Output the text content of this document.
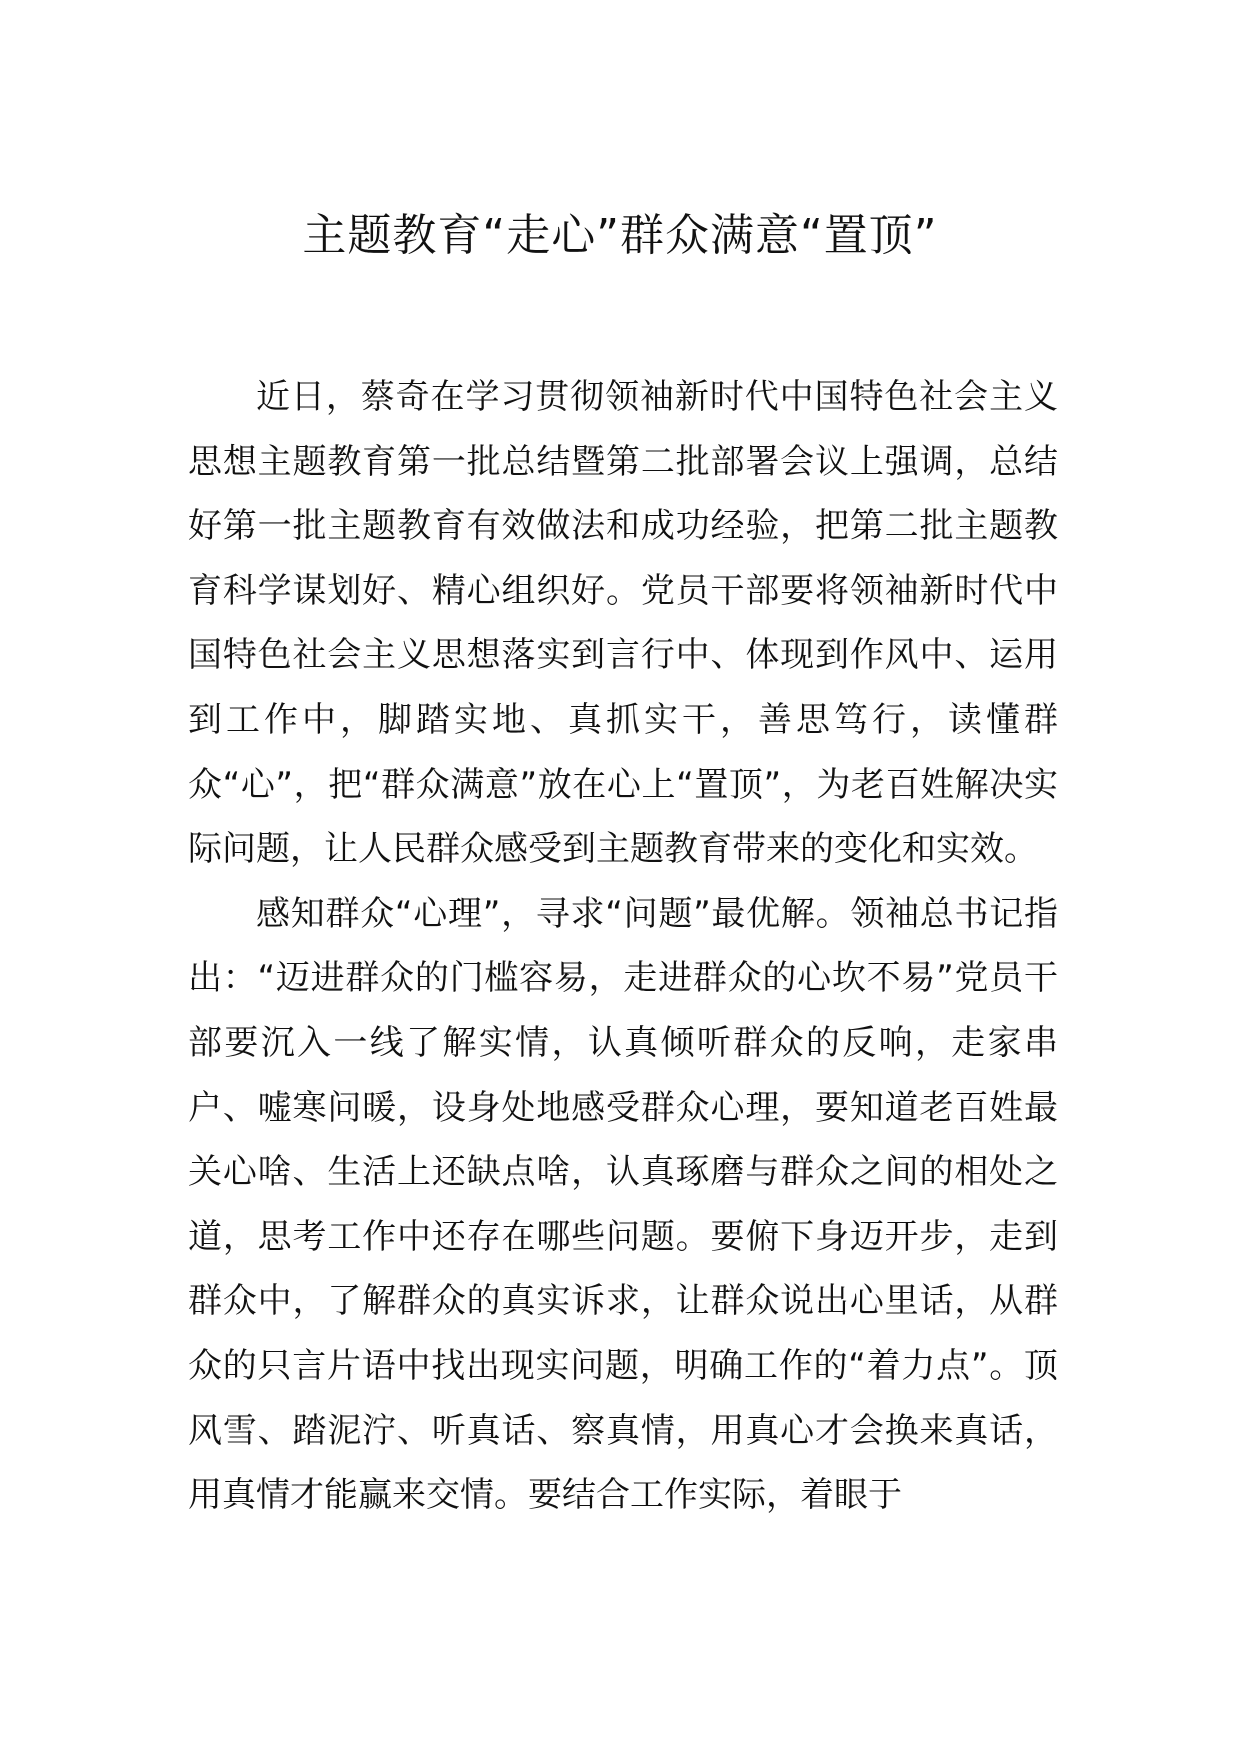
主题教育“走心”群众满意“置顶”

近日，蔡奇在学习贯彻领袖新时代中国特色社会主义思想主题教育第一批总结暨第二批部署会议上强调，总结好第一批主题教育有效做法和成功经验，把第二批主题教育科学谋划好、精心组织好。党员干部要将领袖新时代中国特色社会主义思想落实到言行中、体现到作风中、运用到工作中，脚踏实地、真抓实干，善思笃行，读懂群众“心”，把“群众满意”放在心上“置顶”，为老百姓解决实际问题，让人民群众感受到主题教育带来的变化和实效。

感知群众“心理”，寻求“问题”最优解。领袖总书记指出：“迈进群众的门槛容易，走进群众的心坎不易”党员干部要沉入一线了解实情，认真倾听群众的反响，走家串户、嘘寒问暖，设身处地感受群众心理，要知道老百姓最关心啥、生活上还缺点啥，认真琢磨与群众之间的相处之道，思考工作中还存在哪些问题。要俯下身迈开步，走到群众中，了解群众的真实诉求，让群众说出心里话，从群众的只言片语中找出现实问题，明确工作的“着力点”。顶风雪、踏泥泞、听真话、察真情，用真心才会换来真话，用真情才能赢来交情。要结合工作实际，着眼于
